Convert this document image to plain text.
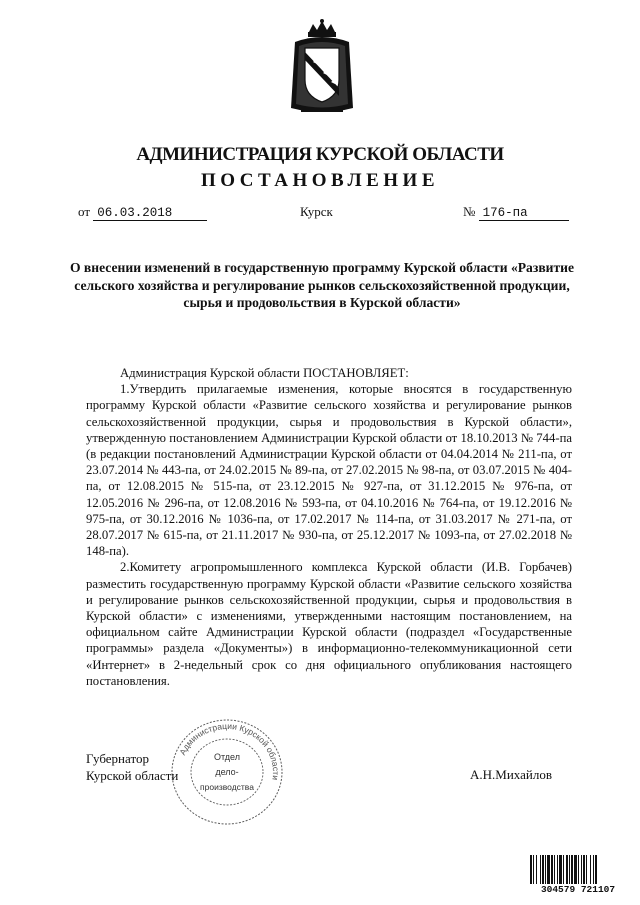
АДМИНИСТРАЦИЯ КУРСКОЙ ОБЛАСТИ
ПОСТАНОВЛЕНИЕ
от 06.03.2018	Курск	№ 176-па
О внесении изменений в государственную программу Курской области «Развитие сельского хозяйства и регулирование рынков сельскохозяйственной продукции, сырья и продовольствия в Курской области»

Администрация Курской области ПОСТАНОВЛЯЕТ:

1.Утвердить прилагаемые изменения, которые вносятся в государственную программу Курской области «Развитие сельского хозяйства и регулирование рынков сельскохозяйственной продукции, сырья и продовольствия в Курской области», утвержденную постановлением Администрации Курской области от 18.10.2013 № 744-па (в редакции постановлений Администрации Курской области от 04.04.2014 № 211-па, от 23.07.2014 № 443-па, от 24.02.2015 № 89-па, от 27.02.2015 № 98-па, от 03.07.2015 № 404-па, от 12.08.2015 № 515-па, от 23.12.2015 № 927-па, от 31.12.2015 № 976-па, от 12.05.2016 № 296-па, от 12.08.2016 № 593-па, от 04.10.2016 № 764-па, от 19.12.2016 № 975-па, от 30.12.2016 № 1036-па, от 17.02.2017 № 114-па, от 31.03.2017 № 271-па, от 28.07.2017 № 615-па, от 21.11.2017 № 930-па, от 25.12.2017 № 1093-па, от 27.02.2018 № 148-па).

2.Комитету агропромышленного комплекса Курской области (И.В. Горбачев) разместить государственную программу Курской области «Развитие сельского хозяйства и регулирование рынков сельскохозяйственной продукции, сырья и продовольствия в Курской области» с изменениями, утвержденными настоящим постановлением, на официальном сайте Администрации Курской области (подраздел «Государственные программы» раздела «Документы») в информационно-телекоммуникационной сети «Интернет» в 2-недельный срок со дня официального опубликования настоящего постановления.

Губернатор
Курской области	А.Н.Михайлов
Администрации Курской области
Отдел
дело-
производства
304579 721107
